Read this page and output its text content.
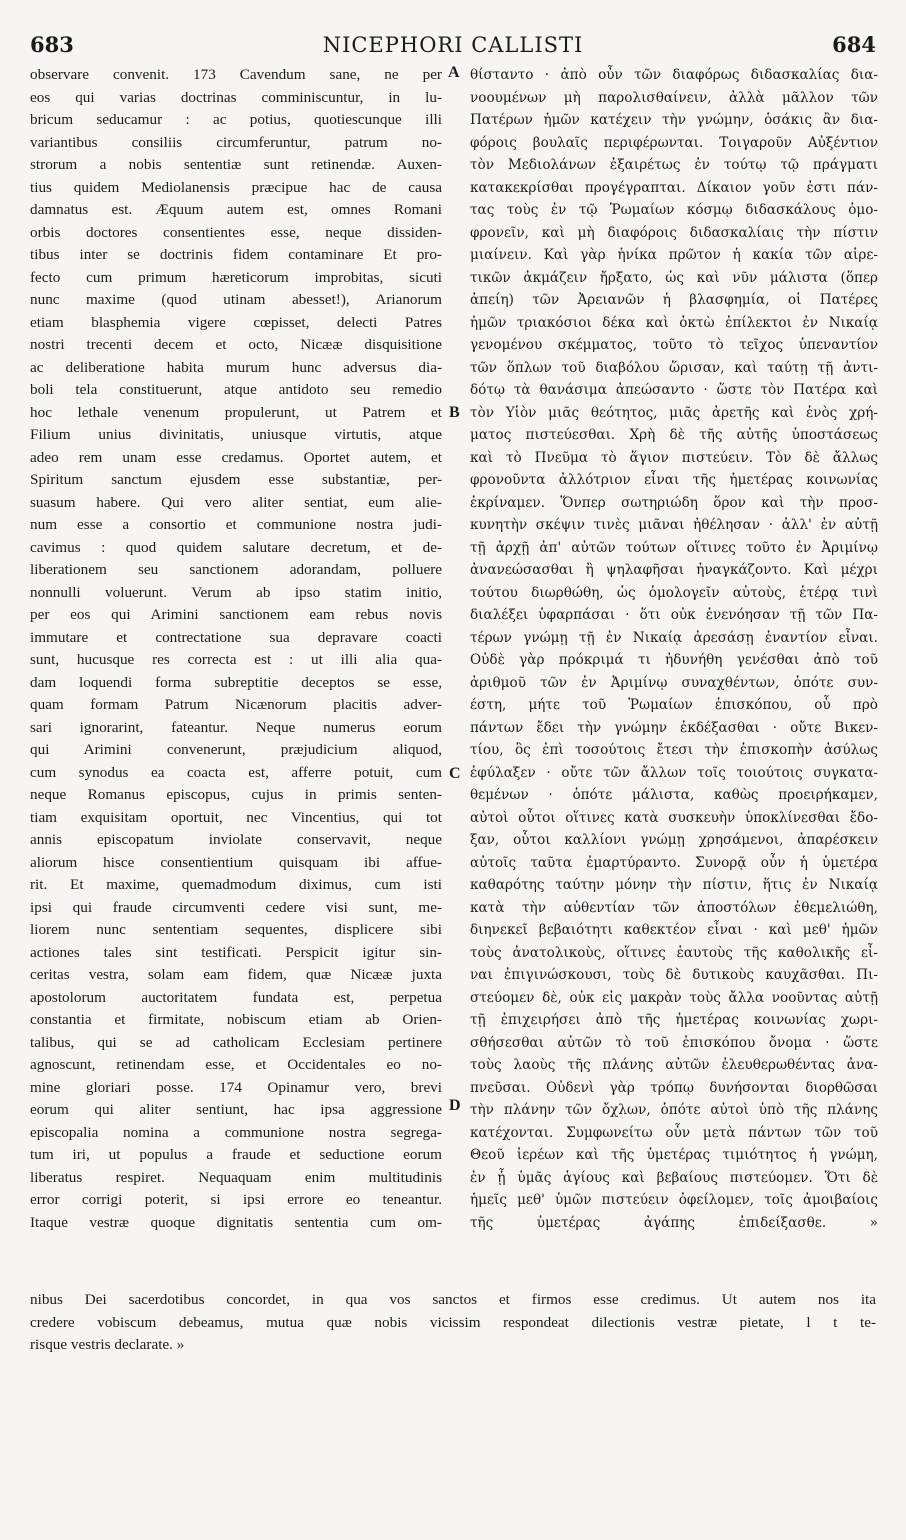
683	NICEPHORI CALLISTI	684
observare convenit. 173 Cavendum sane, ne per
eos qui varias doctrinas comminiscuntur, in lu-
bricum seducamur : ac potius, quotiescunque illi
variantibus consiliis circumferuntur, patrum no-
strorum a nobis sententiæ sunt retinendæ. Auxen-
tius quidem Mediolanensis præcipue hac de causa
damnatus est. Æquum autem est, omnes Romani
orbis doctores consentientes esse, neque dissiden-
tibus inter se doctrinis fidem contaminare Et pro-
fecto cum primum hæreticorum improbitas, sicuti
nunc maxime (quod utinam abesset!), Arianorum
etiam blasphemia vigere cœpisset, delecti Patres
nostri trecenti decem et octo, Nicææ disquisitione
ac deliberatione habita murum hunc adversus dia-
boli tela constituerunt, atque antidoto seu remedio
hoc lethale venenum propulerunt, ut Patrem et
Filium unius divinitatis, uniusque virtutis, atque
adeo rem unam esse credamus. Oportet autem, et
Spiritum sanctum ejusdem esse substantiæ, per-
suasum habere. Qui vero aliter sentiat, eum alie-
num esse a consortio et communione nostra judi-
cavimus : quod quidem salutare decretum, et de-
liberationem seu sanctionem adorandam, polluere
nonnulli voluerunt. Verum ab ipso statim initio,
per eos qui Arimini sanctionem eam rebus novis
immutare et contrectatione sua depravare coacti
sunt, hucusque res correcta est : ut illi alia qua-
dam loquendi forma subreptitie deceptos se esse,
quam formam Patrum Nicænorum placitis adver-
sari ignorarint, fateantur. Neque numerus eorum
qui Arimini convenerunt, præjudicium aliquod,
cum synodus ea coacta est, afferre potuit, cum
neque Romanus episcopus, cujus in primis senten-
tiam exquisitam oportuit, nec Vincentius, qui tot
annis episcopatum inviolate conservavit, neque
aliorum hisce consentientium quisquam ibi affue-
rit. Et maxime, quemadmodum diximus, cum isti
ipsi qui fraude circumventi cedere visi sunt, me-
liorem nunc sententiam sequentes, displicere sibi
actiones tales sint testificati. Perspicit igitur sin-
ceritas vestra, solam eam fidem, quæ Nicææ juxta
apostolorum auctoritatem fundata est, perpetua
constantia et firmitate, nobiscum etiam ab Orien-
talibus, qui se ad catholicam Ecclesiam pertinere
agnoscunt, retinendam esse, et Occidentales eo no-
mine gloriari posse. 174 Opinamur vero, brevi
eorum qui aliter sentiunt, hac ipsa aggressione
episcopalia nomina a communione nostra segrega-
tum iri, ut populus a fraude et seductione eorum
liberatus respiret. Nequaquam enim multitudinis
error corrigi poterit, si ipsi errore eo teneantur.
Itaque vestræ quoque dignitatis sententia cum om-
A
B
C
D
θίσταντο · ἀπὸ οὖν τῶν διαφόρως διδασκαλίας δια-
νοουμένων μὴ παρολισθαίνειν, ἀλλὰ μᾶλλον τῶν
Πατέρων ἡμῶν κατέχειν τὴν γνώμην, ὁσάκις ἂν δια-
φόροις βουλαῖς περιφέρωνται. Τοιγαροῦν Αὐξέντιον
τὸν Μεδιολάνων ἐξαιρέτως ἐν τούτῳ τῷ πράγματι
κατακεκρίσθαι προγέγραπται. Δίκαιον γοῦν ἐστι πάν-
τας τοὺς ἐν τῷ Ῥωμαίων κόσμῳ διδασκάλους ὁμο-
φρονεῖν, καὶ μὴ διαφόροις διδασκαλίαις τὴν πίστιν
μιαίνειν. Καὶ γὰρ ἡνίκα πρῶτον ἡ κακία τῶν αἱρε-
τικῶν ἀκμάζειν ἤρξατο, ὡς καὶ νῦν μάλιστα (ὅπερ
ἀπείη) τῶν Ἀρειανῶν ἡ βλασφημία, οἱ Πατέρες
ἡμῶν τριακόσιοι δέκα καὶ ὀκτὼ ἐπίλεκτοι ἐν Νικαίᾳ
γενομένου σκέμματος, τοῦτο τὸ τεῖχος ὑπεναντίον
τῶν ὅπλων τοῦ διαβόλου ὥρισαν, καὶ ταύτῃ τῇ ἀντι-
δότῳ τὰ θανάσιμα ἀπεώσαντο · ὥστε τὸν Πατέρα καὶ
τὸν Υἱὸν μιᾶς θεότητος, μιᾶς ἀρετῆς καὶ ἑνὸς χρή-
ματος πιστεύεσθαι. Χρὴ δὲ τῆς αὐτῆς ὑποστάσεως
καὶ τὸ Πνεῦμα τὸ ἅγιον πιστεύειν. Τὸν δὲ ἄλλως
φρονοῦντα ἀλλότριον εἶναι τῆς ἡμετέρας κοινωνίας
ἐκρίναμεν. Ὅνπερ σωτηριώδη ὅρον καὶ τὴν προσ-
κυνητὴν σκέψιν τινὲς μιᾶναι ἠθέλησαν · ἀλλ' ἐν αὐτῇ
τῇ ἀρχῇ ἀπ' αὐτῶν τούτων οἵτινες τοῦτο ἐν Ἀριμίνῳ
ἀνανεώσασθαι ἢ ψηλαφῆσαι ἠναγκάζοντο. Καὶ μέχρι
τούτου διωρθώθη, ὡς ὁμολογεῖν αὐτοὺς, ἑτέρᾳ τινὶ
διαλέξει ὑφαρπάσαι · ὅτι οὐκ ἐνενόησαν τῇ τῶν Πα-
τέρων γνώμῃ τῇ ἐν Νικαίᾳ ἀρεσάσῃ ἐναντίον εἶναι.
Οὐδὲ γὰρ πρόκριμά τι ἠδυνήθη γενέσθαι ἀπὸ τοῦ
ἀριθμοῦ τῶν ἐν Ἀριμίνῳ συναχθέντων, ὁπότε συν-
έστη, μήτε τοῦ Ῥωμαίων ἐπισκόπου, οὗ πρὸ
πάντων ἔδει τὴν γνώμην ἐκδέξασθαι · οὔτε Βικεν-
τίου, ὃς ἐπὶ τοσούτοις ἔτεσι τὴν ἐπισκοπὴν ἀσύλως
ἐφύλαξεν · οὔτε τῶν ἄλλων τοῖς τοιούτοις συγκατα-
θεμένων · ὁπότε μάλιστα, καθὼς προειρήκαμεν,
αὐτοὶ οὗτοι οἵτινες κατὰ συσκευὴν ὑποκλίνεσθαι ἔδο-
ξαν, οὗτοι καλλίονι γνώμῃ χρησάμενοι, ἀπαρέσκειν
αὐτοῖς ταῦτα ἐμαρτύραντο. Συνορᾷ οὖν ἡ ὑμετέρα
καθαρότης ταύτην μόνην τὴν πίστιν, ἥτις ἐν Νικαίᾳ
κατὰ τὴν αὐθεντίαν τῶν ἀποστόλων ἐθεμελιώθη,
διηνεκεῖ βεβαιότητι καθεκτέον εἶναι · καὶ μεθ' ἡμῶν
τοὺς ἀνατολικοὺς, οἵτινες ἑαυτοὺς τῆς καθολικῆς εἶ-
ναι ἐπιγινώσκουσι, τοὺς δὲ δυτικοὺς καυχᾶσθαι. Πι-
στεύομεν δὲ, οὐκ εἰς μακρὰν τοὺς ἄλλα νοοῦντας αὐτῇ
τῇ ἐπιχειρήσει ἀπὸ τῆς ἡμετέρας κοινωνίας χωρι-
σθήσεσθαι αὐτῶν τὸ τοῦ ἐπισκόπου ὄνομα · ὥστε
τοὺς λαοὺς τῆς πλάνης αὐτῶν ἐλευθερωθέντας ἀνα-
πνεῦσαι. Οὐδενὶ γὰρ τρόπῳ δυνήσονται διορθῶσαι
τὴν πλάνην τῶν ὄχλων, ὁπότε αὐτοὶ ὑπὸ τῆς πλάνης
κατέχονται. Συμφωνείτω οὖν μετὰ πάντων τῶν τοῦ
Θεοῦ ἱερέων καὶ τῆς ὑμετέρας τιμιότητος ἡ γνώμη,
ἐν ᾗ ὑμᾶς ἁγίους καὶ βεβαίους πιστεύομεν. Ὅτι δὲ
ἡμεῖς μεθ' ὑμῶν πιστεύειν ὀφείλομεν, τοῖς ἀμοιβαίοις
τῆς ὑμετέρας ἀγάπης ἐπιδείξασθε. »
nibus Dei sacerdotibus concordet, in qua vos sanctos et firmos esse credimus. Ut autem nos ita
credere vobiscum debeamus, mutua quæ nobis vicissim respondeat dilectionis vestræ pietate, l t te-
risque vestris declarate. »
